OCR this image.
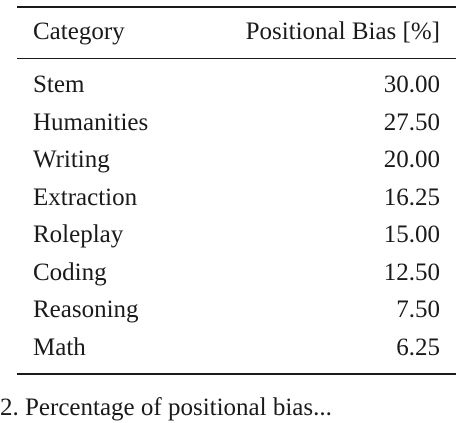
Category	Positional Bias [%]
Stem	30.00
Humanities	27.50
Writing	20.00
Extraction	16.25
Roleplay	15.00
Coding	12.50
Reasoning	7.50
Math	6.25
2. Percentage of positional bias...
